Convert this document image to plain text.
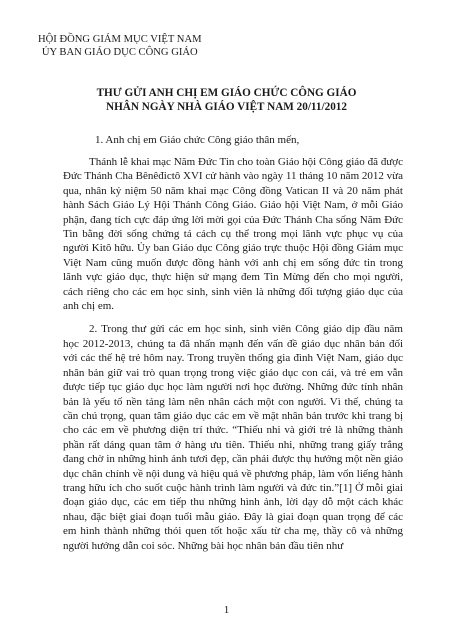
HỘI ĐỒNG GIÁM MỤC VIỆT NAM
ỦY BAN GIÁO DỤC CÔNG GIÁO
THƯ GỬI ANH CHỊ EM GIÁO CHỨC CÔNG GIÁO
NHÂN NGÀY NHÀ GIÁO VIỆT NAM 20/11/2012
1. Anh chị em Giáo chức Công giáo thân mến,

Thánh lễ khai mạc Năm Đức Tin cho toàn Giáo hội Công giáo đã được Đức Thánh Cha Bênêđictô XVI cử hành vào ngày 11 tháng 10 năm 2012 vừa qua, nhân kỷ niệm 50 năm khai mạc Công đồng Vatican II và 20 năm phát hành Sách Giáo Lý Hội Thánh Công Giáo. Giáo hội Việt Nam, ở mỗi Giáo phận, đang tích cực đáp ứng lời mời gọi của Đức Thánh Cha sống Năm Đức Tin bằng đời sống chứng tá cách cụ thể trong mọi lãnh vực phục vụ của người Kitô hữu. Ủy ban Giáo dục Công giáo trực thuộc Hội đồng Giám mục Việt Nam cũng muốn được đồng hành với anh chị em sống đức tin trong lãnh vực giáo dục, thực hiện sứ mạng đem Tin Mừng đến cho mọi người, cách riêng cho các em học sinh, sinh viên là những đối tượng giáo dục của anh chị em.

2. Trong thư gửi các em học sinh, sinh viên Công giáo dịp đầu năm học 2012-2013, chúng ta đã nhấn mạnh đến vấn đề giáo dục nhân bản đối với các thế hệ trẻ hôm nay. Trong truyền thống gia đình Việt Nam, giáo dục nhân bản giữ vai trò quan trọng trong việc giáo dục con cái, và trẻ em vẫn được tiếp tục giáo dục học làm người nơi học đường. Những đức tính nhân bản là yếu tố nền tảng làm nên nhân cách một con người. Vì thế, chúng ta cần chú trọng, quan tâm giáo dục các em về mặt nhân bản trước khi trang bị cho các em về phương diện trí thức. “Thiếu nhi và giới trẻ là những thành phần rất dáng quan tâm ở hàng ưu tiên. Thiếu nhi, những trang giấy trắng đang chờ in những hình ảnh tươi đẹp, cần phải được thụ hưởng một nền giáo dục chân chính về nội dung và hiệu quả về phương pháp, làm vốn liếng hành trang hữu ích cho suốt cuộc hành trình làm người và đức tin.”[1] Ở mỗi giai đoạn giáo dục, các em tiếp thu những hình ảnh, lời dạy dỗ một cách khác nhau, đặc biệt giai đoạn tuổi mẫu giáo. Đây là giai đoạn quan trọng để các em hình thành những thói quen tốt hoặc xấu từ cha mẹ, thầy cô và những người hướng dẫn coi sóc. Những bài học nhân bản đầu tiên như

1
